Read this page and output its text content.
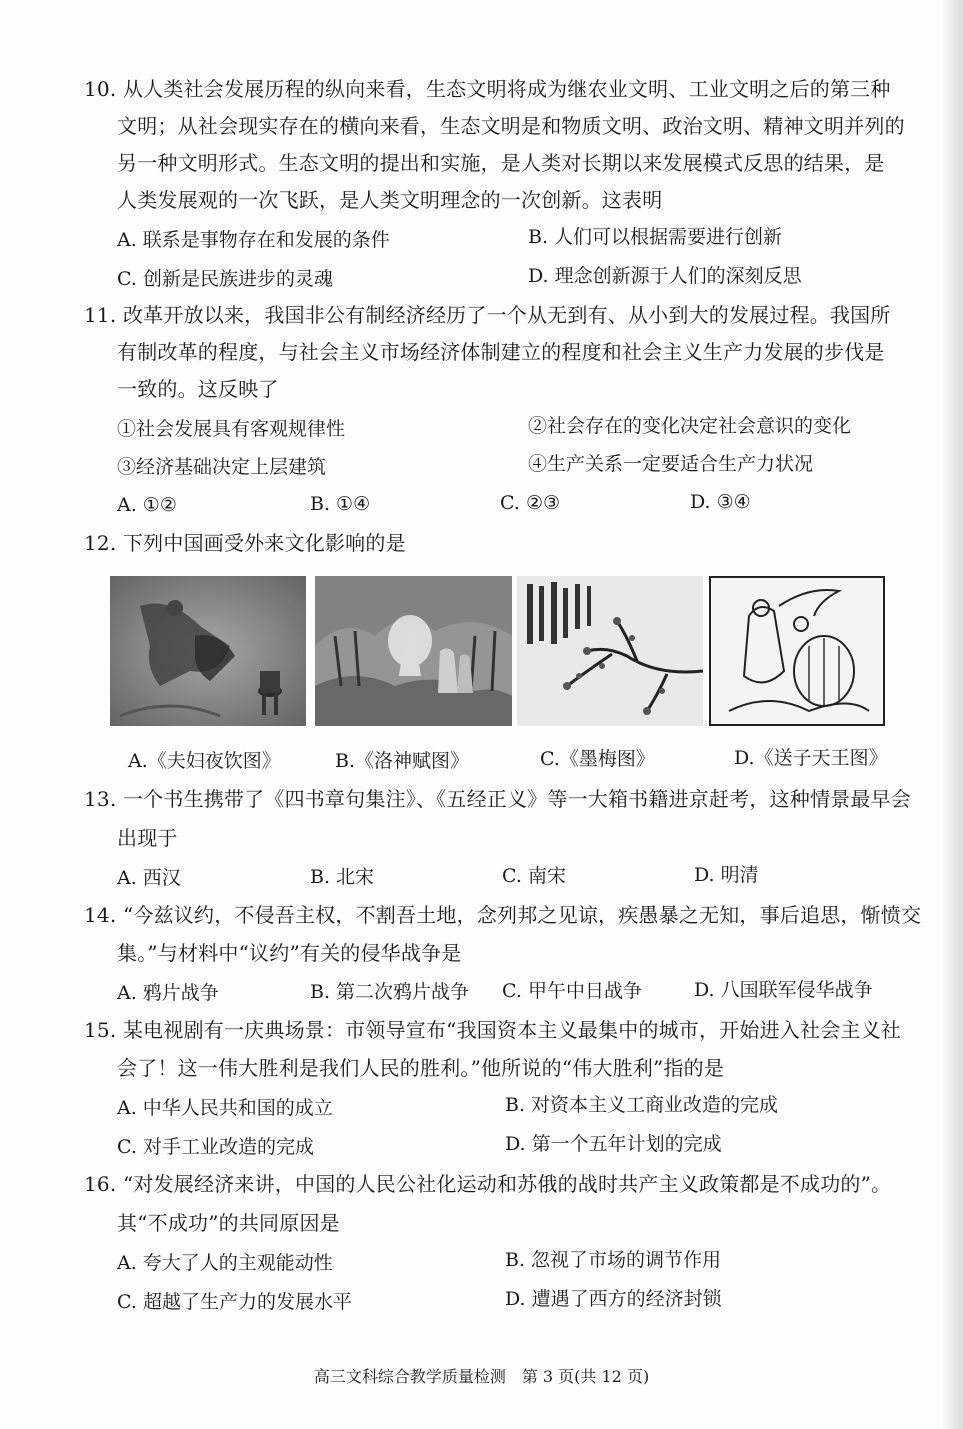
10. 从人类社会发展历程的纵向来看，生态文明将成为继农业文明、工业文明之后的第三种
文明；从社会现实存在的横向来看，生态文明是和物质文明、政治文明、精神文明并列的
另一种文明形式。生态文明的提出和实施，是人类对长期以来发展模式反思的结果，是
人类发展观的一次飞跃，是人类文明理念的一次创新。这表明
A. 联系是事物存在和发展的条件	B. 人们可以根据需要进行创新
C. 创新是民族进步的灵魂	D. 理念创新源于人们的深刻反思
11. 改革开放以来，我国非公有制经济经历了一个从无到有、从小到大的发展过程。我国所
有制改革的程度，与社会主义市场经济体制建立的程度和社会主义生产力发展的步伐是
一致的。这反映了
①社会发展具有客观规律性	②社会存在的变化决定社会意识的变化
③经济基础决定上层建筑	④生产关系一定要适合生产力状况
A. ①②	B. ①④	C. ②③	D. ③④
12. 下列中国画受外来文化影响的是
A.《夫妇夜饮图》	B.《洛神赋图》	C.《墨梅图》	D.《送子天王图》
13. 一个书生携带了《四书章句集注》、《五经正义》等一大箱书籍进京赶考，这种情景最早会
出现于
A. 西汉	B. 北宋	C. 南宋	D. 明清
14. “今兹议约，不侵吾主权，不割吾土地，念列邦之见谅，疾愚暴之无知，事后追思，惭愤交
集。”与材料中“议约”有关的侵华战争是
A. 鸦片战争	B. 第二次鸦片战争 C. 甲午中日战争	D. 八国联军侵华战争
15. 某电视剧有一庆典场景：市领导宣布“我国资本主义最集中的城市，开始进入社会主义社
会了！这一伟大胜利是我们人民的胜利。”他所说的“伟大胜利”指的是
A. 中华人民共和国的成立	B. 对资本主义工商业改造的完成
C. 对手工业改造的完成	D. 第一个五年计划的完成
16. “对发展经济来讲，中国的人民公社化运动和苏俄的战时共产主义政策都是不成功的”。
其“不成功”的共同原因是
A. 夸大了人的主观能动性	B. 忽视了市场的调节作用
C. 超越了生产力的发展水平	D. 遭遇了西方的经济封锁
高三文科综合教学质量检测　第 3 页(共 12 页)
